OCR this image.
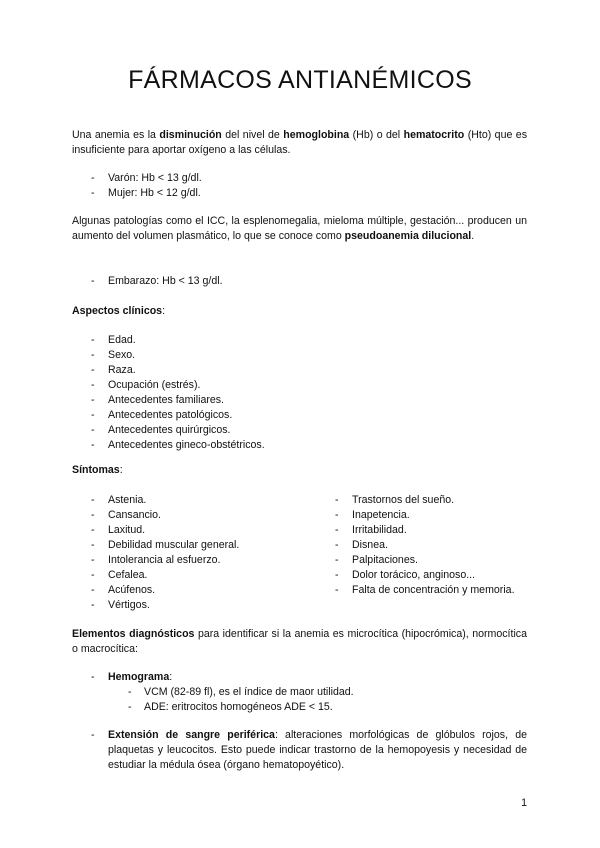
FÁRMACOS ANTIANÉMICOS

Una anemia es la disminución del nivel de hemoglobina (Hb) o del hematocrito (Hto) que es insuficiente para aportar oxígeno a las células.

- Varón: Hb < 13 g/dl.
- Mujer: Hb < 12 g/dl.

Algunas patologías como el ICC, la esplenomegalia, mieloma múltiple, gestación... producen un aumento del volumen plasmático, lo que se conoce como pseudoanemia dilucional.

- Embarazo: Hb < 13 g/dl.

Aspectos clínicos:

- Edad.
- Sexo.
- Raza.
- Ocupación (estrés).
- Antecedentes familiares.
- Antecedentes patológicos.
- Antecedentes quirúrgicos.
- Antecedentes gineco-obstétricos.

Síntomas:

- Astenia.
- Cansancio.
- Laxitud.
- Debilidad muscular general.
- Intolerancia al esfuerzo.
- Cefalea.
- Acúfenos.
- Vértigos.
- Trastornos del sueño.
- Inapetencia.
- Irritabilidad.
- Disnea.
- Palpitaciones.
- Dolor torácico, anginoso...
- Falta de concentración y memoria.

Elementos diagnósticos para identificar si la anemia es microcítica (hipocrómica), normocítica o macrocítica:

- Hemograma:
- VCM (82-89 fl), es el índice de maor utilidad.
- ADE: eritrocitos homogéneos ADE < 15.
- Extensión de sangre periférica: alteraciones morfológicas de glóbulos rojos, de plaquetas y leucocitos. Esto puede indicar trastorno de la hemopoyesis y necesidad de estudiar la médula ósea (órgano hematopoyético).
1
